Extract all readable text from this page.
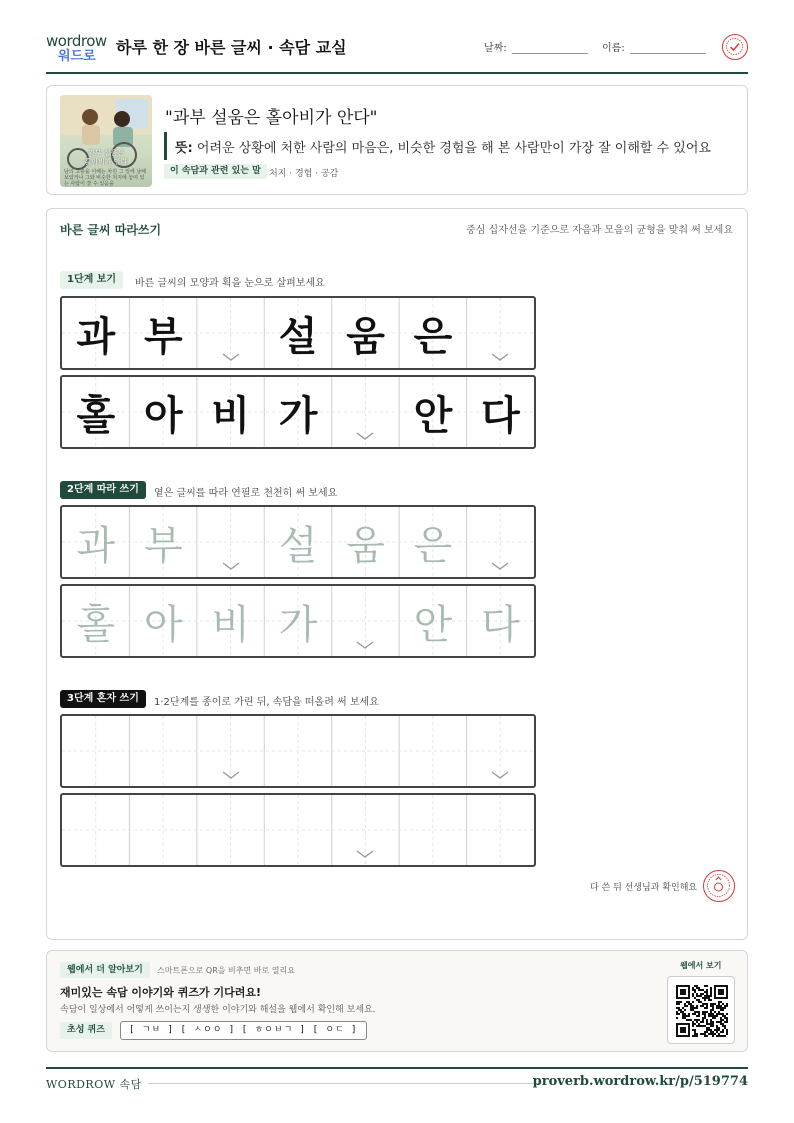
wordrow
워드로 하루 한 장 바른 글씨 · 속담 교실	날짜:	이름:
과부 설움은
홀아비가 안다
남의 고충을 이해는 차원 그 일에 남해 보았거나 그와 비슷한 처지에 놓여 있는 사람이 잘 수 있음을
"과부 설움은 홀아비가 안다"
뜻: 어려운 상황에 처한 사람의 마음은, 비슷한 경험을 해 본 사람만이 가장 잘 이해할 수 있어요
이 속담과 관련 있는 말 처지 · 경험 · 공감
바른 글씨 따라쓰기	중심 십자선을 기준으로 자음과 모음의 균형을 맞춰 써 보세요
1단계 보기	바른 글씨의 모양과 획을 눈으로 살펴보세요
과 부	설 움 은
홀 아 비 가	안 다
2단계 따라 쓰기	옅은 글씨를 따라 연필로 천천히 써 보세요
과 부	설 움 은
홀 아 비 가	안 다
3단계 혼자 쓰기	1·2단계를 종이로 가린 뒤, 속담을 떠올려 써 보세요
다 쓴 뒤 선생님과 확인해요
웹에서 더 알아보기	스마트폰으로 QR을 비추면 바로 열리요
재미있는 속담 이야기와 퀴즈가 기다려요!
속담이 일상에서 어떻게 쓰이는지 생생한 이야기와 해설을 웹에서 확인해 보세요.
초성 퀴즈	[ ㄱㅂ ] [ ㅅㅇㅇ ] [ ㅎㅇㅂㄱ ] [ ㅇㄷ ]
웹에서 보기
WORDROW 속담	proverb.wordrow.kr/p/519774
